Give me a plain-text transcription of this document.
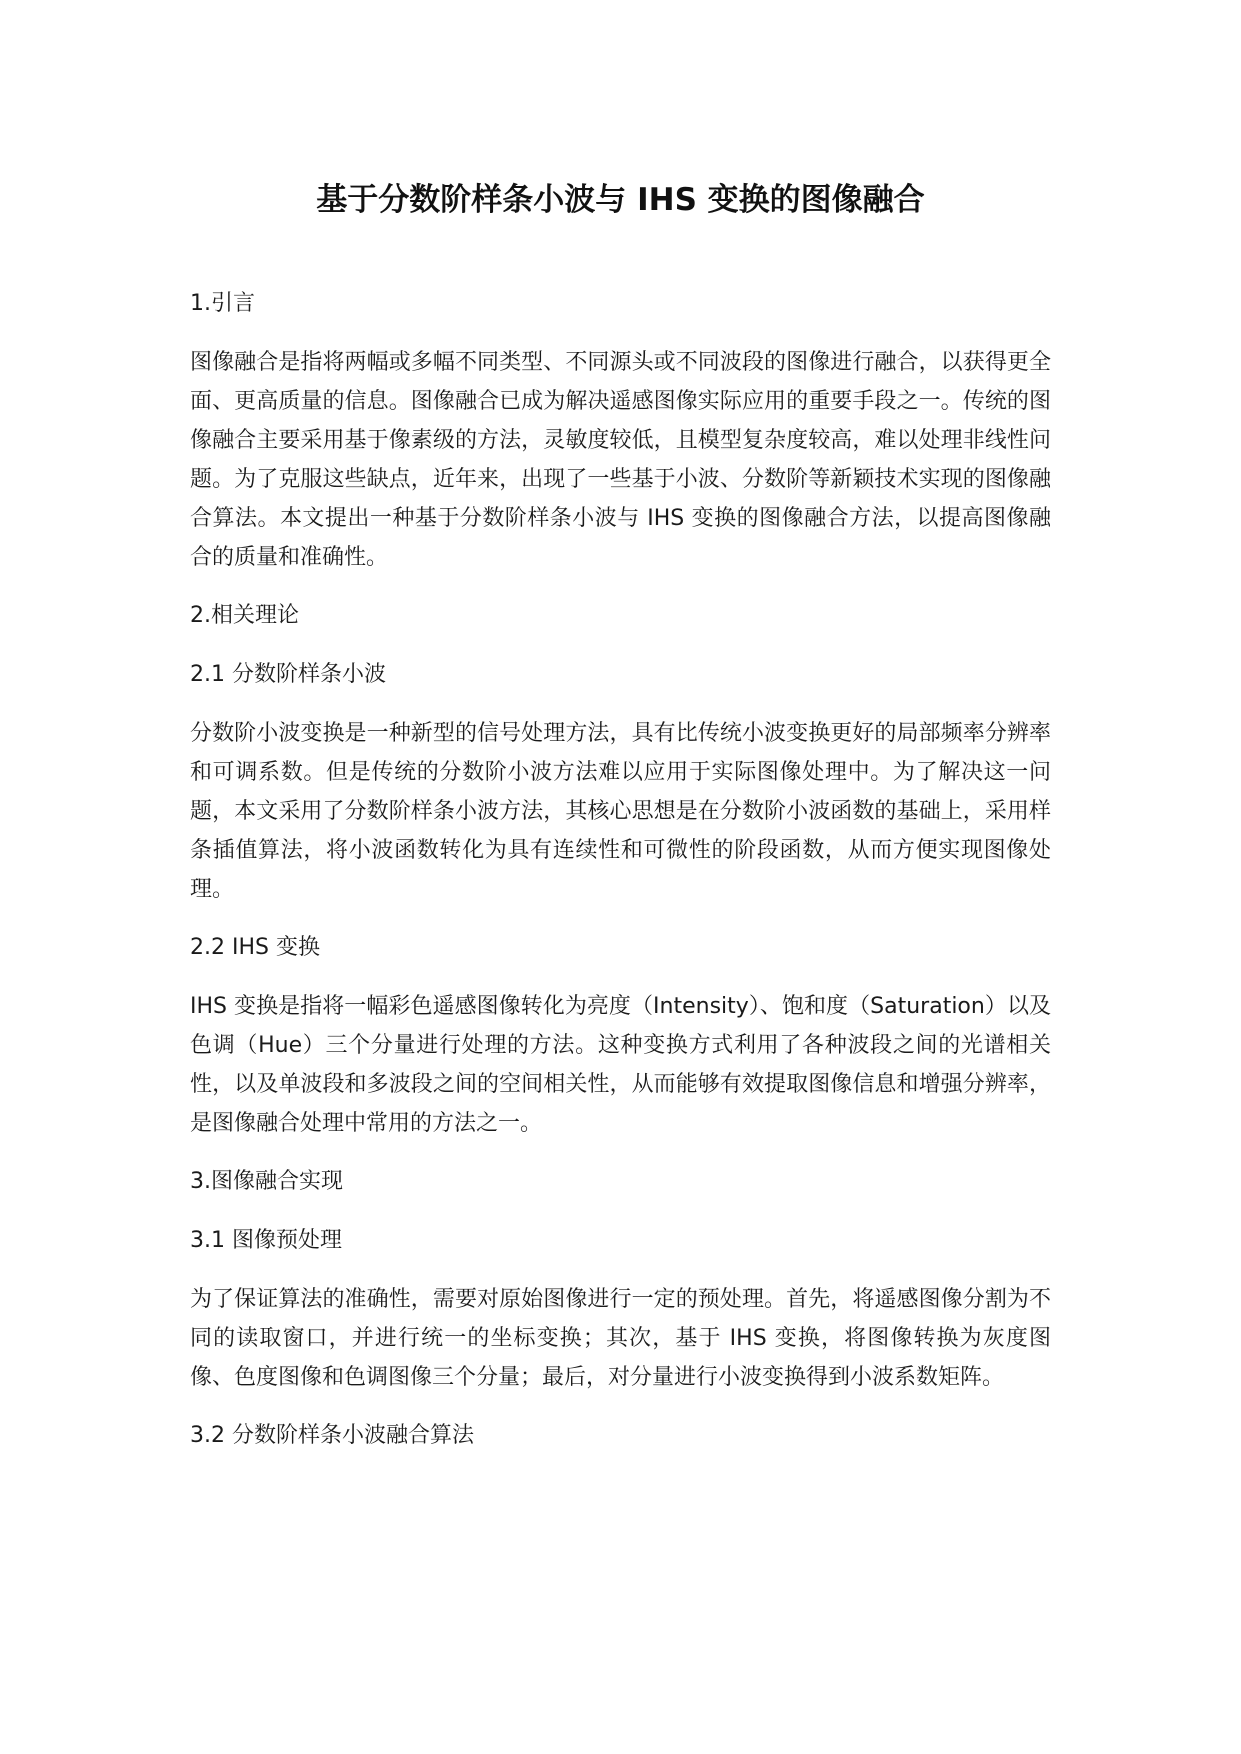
基于分数阶样条小波与 IHS 变换的图像融合
1.引言

图像融合是指将两幅或多幅不同类型、不同源头或不同波段的图像进行融合，以获得更全面、更高质量的信息。图像融合已成为解决遥感图像实际应用的重要手段之一。传统的图像融合主要采用基于像素级的方法，灵敏度较低，且模型复杂度较高，难以处理非线性问题。为了克服这些缺点，近年来，出现了一些基于小波、分数阶等新颖技术实现的图像融合算法。本文提出一种基于分数阶样条小波与 IHS 变换的图像融合方法，以提高图像融合的质量和准确性。

2.相关理论
2.1 分数阶样条小波

分数阶小波变换是一种新型的信号处理方法，具有比传统小波变换更好的局部频率分辨率和可调系数。但是传统的分数阶小波方法难以应用于实际图像处理中。为了解决这一问题，本文采用了分数阶样条小波方法，其核心思想是在分数阶小波函数的基础上，采用样条插值算法，将小波函数转化为具有连续性和可微性的阶段函数，从而方便实现图像处理。

2.2 IHS 变换

IHS 变换是指将一幅彩色遥感图像转化为亮度（Intensity）、饱和度（Saturation）以及色调（Hue）三个分量进行处理的方法。这种变换方式利用了各种波段之间的光谱相关性，以及单波段和多波段之间的空间相关性，从而能够有效提取图像信息和增强分辨率，是图像融合处理中常用的方法之一。

3.图像融合实现
3.1 图像预处理

为了保证算法的准确性，需要对原始图像进行一定的预处理。首先，将遥感图像分割为不同的读取窗口，并进行统一的坐标变换；其次，基于 IHS 变换，将图像转换为灰度图像、色度图像和色调图像三个分量；最后，对分量进行小波变换得到小波系数矩阵。

3.2 分数阶样条小波融合算法
